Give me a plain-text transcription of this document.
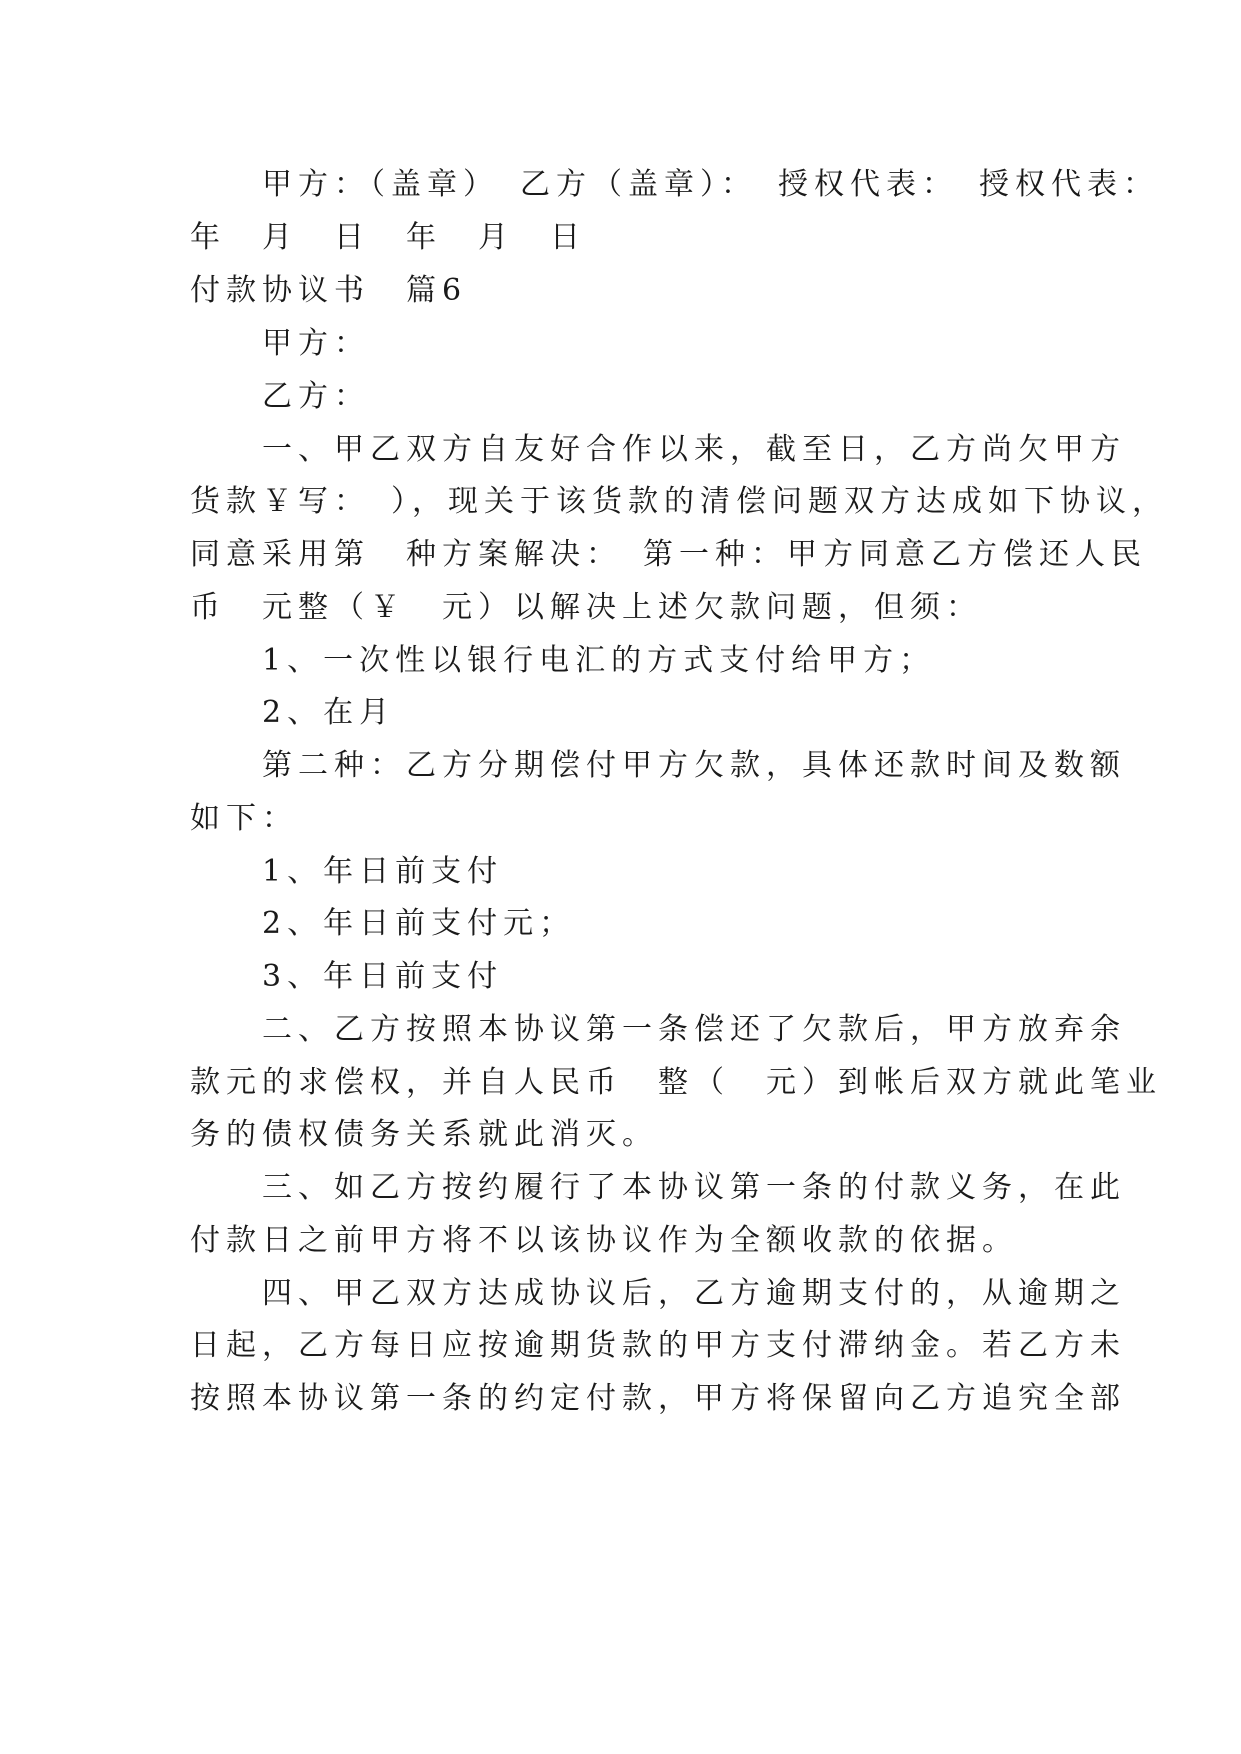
　　甲方：（盖章）　乙方（盖章）：　授权代表：　授权代表：
年　月　日　年　月　日
付款协议书　篇6
　　甲方：
　　乙方：
　　一、甲乙双方自友好合作以来，截至日，乙方尚欠甲方
货款￥写：　），现关于该货款的清偿问题双方达成如下协议，
同意采用第　种方案解决：　第一种：甲方同意乙方偿还人民
币　元整（￥　元）以解决上述欠款问题，但须：
　　1、一次性以银行电汇的方式支付给甲方；
　　2、在月
　　第二种：乙方分期偿付甲方欠款，具体还款时间及数额
如下：
　　1、年日前支付
　　2、年日前支付元；
　　3、年日前支付
　　二、乙方按照本协议第一条偿还了欠款后，甲方放弃余
款元的求偿权，并自人民币　整（　元）到帐后双方就此笔业
务的债权债务关系就此消灭。
　　三、如乙方按约履行了本协议第一条的付款义务，在此
付款日之前甲方将不以该协议作为全额收款的依据。
　　四、甲乙双方达成协议后，乙方逾期支付的，从逾期之
日起，乙方每日应按逾期货款的甲方支付滞纳金。若乙方未
按照本协议第一条的约定付款，甲方将保留向乙方追究全部
